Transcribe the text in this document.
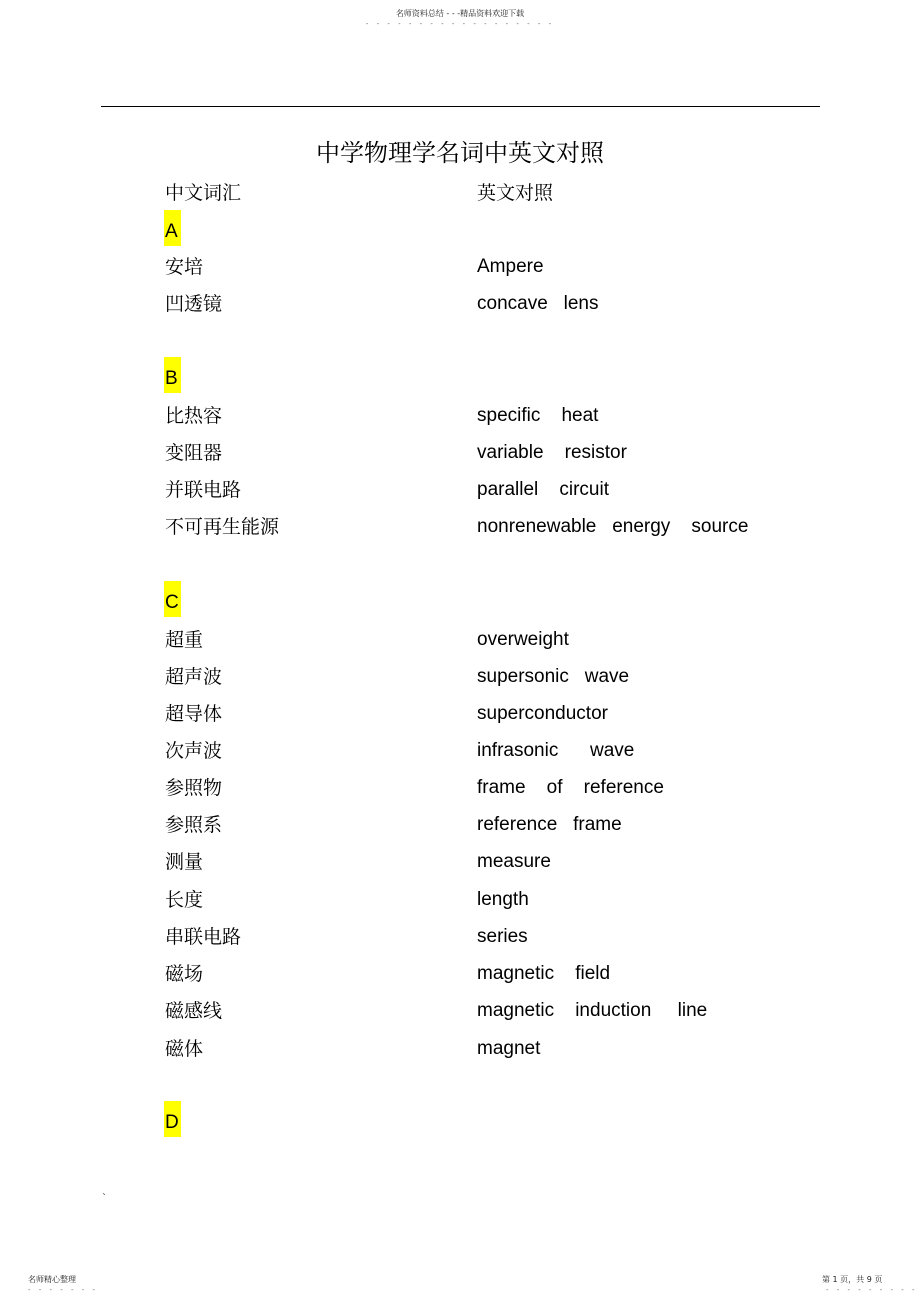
名师资料总结 - - -精品资料欢迎下载
- - - - - - - - - - - - - - - - - -
中学物理学名词中英文对照
中文词汇	英文对照
A
安培	Ampere
凹透镜	concave   lens
B
比热容	specific    heat
变阻器	variable    resistor
并联电路	parallel    circuit
不可再生能源	nonrenewable   energy    source
C
超重	overweight
超声波	supersonic   wave
超导体	superconductor
次声波	infrasonic      wave
参照物	frame    of    reference
参照系	reference   frame
测量	measure
长度	length
串联电路	series
磁场	magnetic    field
磁感线	magnetic    induction     line
磁体	magnet
D
`
名师精心整理
- - - - - - -
第 1 页，共 9 页
- - - - - - - - -
